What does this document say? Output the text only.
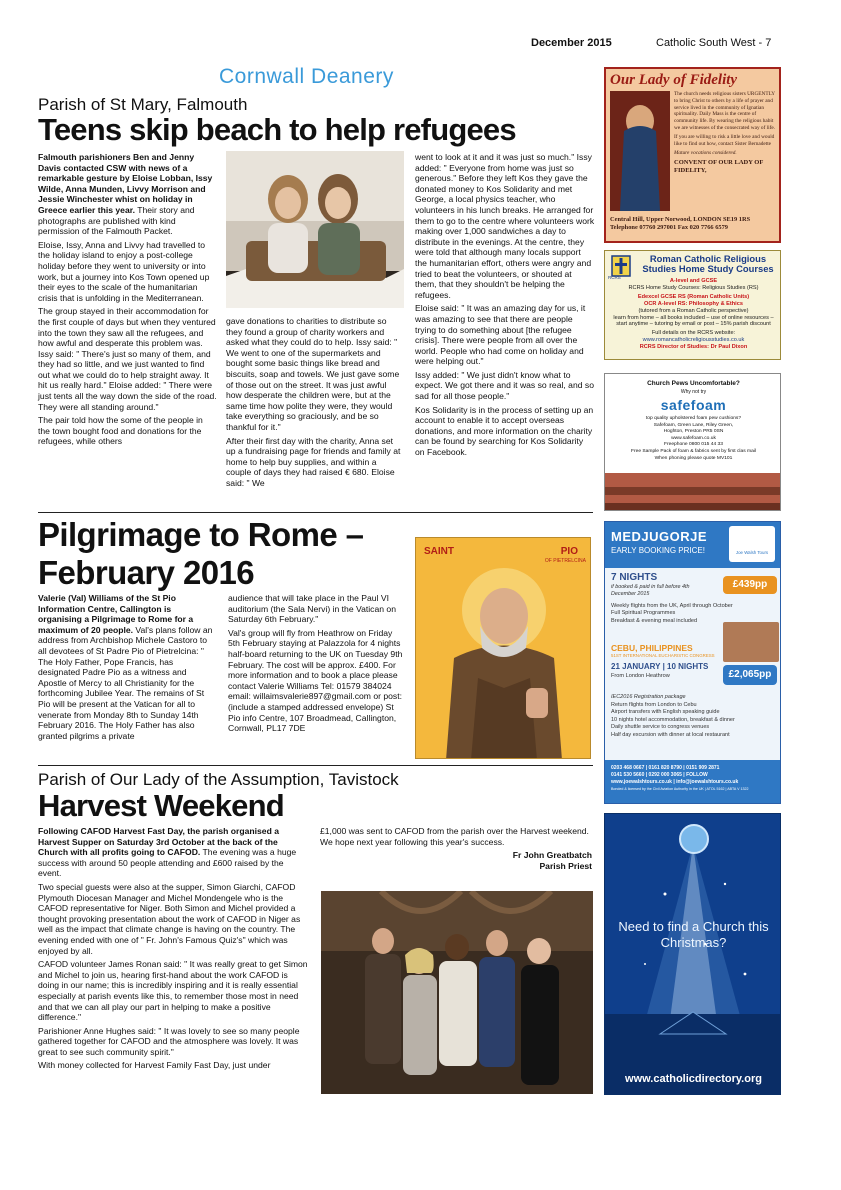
December 2015	Catholic South West - 7
Cornwall Deanery
Parish of St Mary, Falmouth
Teens skip beach to help refugees

Falmouth parishioners Ben and Jenny Davis contacted CSW with news of a remarkable gesture by Eloise Lobban, Issy Wilde, Anna Munden, Livvy Morrison and Jessie Winchester whist on holiday in Greece earlier this year. Their story and photographs are published with kind permission of the Falmouth Packet.

Eloise, Issy, Anna and Livvy had travelled to the holiday island to enjoy a post-college holiday before they went to university or into work, but a journey into Kos Town opened up their eyes to the scale of the humanitarian crisis that is unfolding in the Mediterranean.

The group stayed in their accommodation for the first couple of days but when they ventured into the town they saw all the refugees, and how awful and desperate this problem was. Issy said: " There's just so many of them, and they had so little, and we just wanted to find out what we could do to help straight away. It hit us really hard." Eloise added: " There were just tents all the way down the side of the road. They were all standing around."

The pair told how the some of the people in the town bought food and donations for the refugees, while others

gave donations to charities to distribute so they found a group of charity workers and asked what they could do to help. Issy said: " We went to one of the supermarkets and bought some basic things like bread and biscuits, soap and towels. We just gave some of those out on the street. It was just awful how desperate the children were, but at the same time how polite they were, they would take everything so graciously, and be so thankful for it."

After their first day with the charity, Anna set up a fundraising page for friends and family at home to help buy supplies, and within a couple of days they had raised € 680. Eloise said: " We

went to look at it and it was just so much." Issy added: " Everyone from home was just so generous." Before they left Kos they gave the donated money to Kos Solidarity and met George, a local physics teacher, who volunteers in his lunch breaks. He arranged for them to go to the centre where volunteers work making over 1,000 sandwiches a day to distribute in the evenings. At the centre, they were told that although many locals support the humanitarian effort, others were angry and tried to beat the volunteers, or shouted at them, that they shouldn't be helping the refugees.

Eloise said: " It was an amazing day for us, it was amazing to see that there are people trying to do something about [the refugee crisis]. There were people from all over the world. People who had come on holiday and were helping out."

Issy added: " We just didn't know what to expect. We got there and it was so real, and so sad for all those people."

Kos Solidarity is in the process of setting up an account to enable it to accept overseas donations, and more information on the charity can be found by searching for Kos Solidarity on Facebook.

Pilgrimage to Rome –
February 2016

Valerie (Val) Williams of the St Pio Information Centre, Callington is organising a Pilgrimage to Rome for a maximum of 20 people. Val's plans follow an address from Archbishop Michele Castoro to all devotees of St Padre Pio of Pietrelcina: " The Holy Father, Pope Francis, has designated Padre Pio as a witness and Apostle of Mercy to all Christianity for the forthcoming Jubilee Year. The remains of St Pio will be present at the Vatican for all to venerate from Monday 8th to Sunday 14th February 2016. The Holy Father has also granted pilgrims a private

audience that will take place in the Paul VI auditorium (the Sala Nervi) in the Vatican on Saturday 6th February."

Val's group will fly from Heathrow on Friday 5th February staying at Palazzola for 4 nights half-board returning to the UK on Tuesday 9th February. The cost will be approx. £400. For more information and to book a place please contact Valerie Williams Tel: 01579 384024 email: willaimsvalerie897@gmail.com or post: (include a stamped addressed envelope) St Pio info Centre, 107 Broadmead, Callington, Cornwall, PL17 7DE

SAINT	PIO
OF PIETRELCINA
Parish of Our Lady of the Assumption, Tavistock
Harvest Weekend

Following CAFOD Harvest Fast Day, the parish organised a Harvest Supper on Saturday 3rd October at the back of the Church with all profits going to CAFOD. The evening was a huge success with around 50 people attending and £600 raised by the event.

Two special guests were also at the supper, Simon Giarchi, CAFOD Plymouth Diocesan Manager and Michel Mondengele who is the CAFOD representative for Niger. Both Simon and Michel provided a

thought provoking presentation about the work of CAFOD in Niger as well as the impact that climate change is having on the country. The evening ended with one of " Fr. John's Famous Quiz's" which was enjoyed by all.

CAFOD volunteer James Ronan said: " It was really great to get Simon and Michel to join us, hearing first-hand about the work CAFOD is doing in our name; this is incredibly inspiring and it is really essential especially at parish events like this, to remember those most in need and that we can all play our part in helping to make a positive difference."

Parishioner Anne Hughes said: " It was lovely to see so many people gathered together for CAFOD and the atmosphere was lovely. It was great to see such community spirit."

With money collected for Harvest Family Fast Day, just under

£1,000 was sent to CAFOD from the parish over the Harvest weekend. We hope next year following this year's success.

Fr John Greatbatch
Parish Priest
Our Lady of Fidelity
The church needs religious sisters URGENTLY to bring Christ to others by a life of prayer and service lived in the community of Ignatian spirituality. Daily Mass is the centre of community life. By wearing the religious habit we are witnesses of the consecrated way of life.
If you are willing to risk a little love and would like to find out how, contact Sister Bernadette
Mature vocations considered.
CONVENT OF OUR LADY OF FIDELITY,
Central Hill, Upper Norwood, LONDON SE19 1RS
Telephone 07760 297001 Fax 020 7766 6579
RCRS
Roman Catholic Religious Studies Home Study Courses
A-level and GCSE
RCRS Home Study Courses: Religious Studies (RS)
Edexcel GCSE RS (Roman Catholic Units)
OCR A-level RS: Philosophy & Ethics
(tutored from a Roman Catholic perspective)
learn from home – all books included – use of online resources – start anytime – tutoring by email or post – 15% parish discount
Full details on the RCRS website:
www.romancatholicreligiousstudies.co.uk
RCRS Director of Studies: Dr Paul Dixon
Church Pews Uncomfortable?
Why not try
safefoam
top quality upholstered foam pew cushions?
Safefoam, Green Lane, Riley Green,
Hoghton, Preston PR5 0SN
www.safefoam.co.uk
Freephone 0800 015 44 33
Free Sample Pack of foam & fabrics sent by first clas mail
When phoning please quote MV101
MEDJUGORJE
EARLY BOOKING PRICE!	Joe Walsh Tours
7 NIGHTS
if booked & paid in full before 4th December 2015
£439pp
Weekly flights from the UK, April through October
Full Spiritual Programmes
Breakfast & evening meal included
CEBU, PHILIPPINES
51ST INTERNATIONAL EUCHARISTIC CONGRESS
21 JANUARY | 10 NIGHTS
From London Heathrow	£2,065pp
IEC2016 Registration package
Return flights from London to Cebu
Airport transfers with English speaking guide
10 nights hotel accommodation, breakfast & dinner
Daily shuttle service to congress venues
Half day excursion with dinner at local restaurant
0203 468 0667 | 0161 820 8790 | 0151 909 2871
0141 530 5660 | 0292 000 3065 | FOLLOW
www.joewalshtours.co.uk | info@joewalshtours.co.uk
Bonded & licensed by the Civil Aviation Authority in the UK | ATOL 5162 | ABTA V 1322
Need to find a Church this Christmas?
www.catholicdirectory.org
